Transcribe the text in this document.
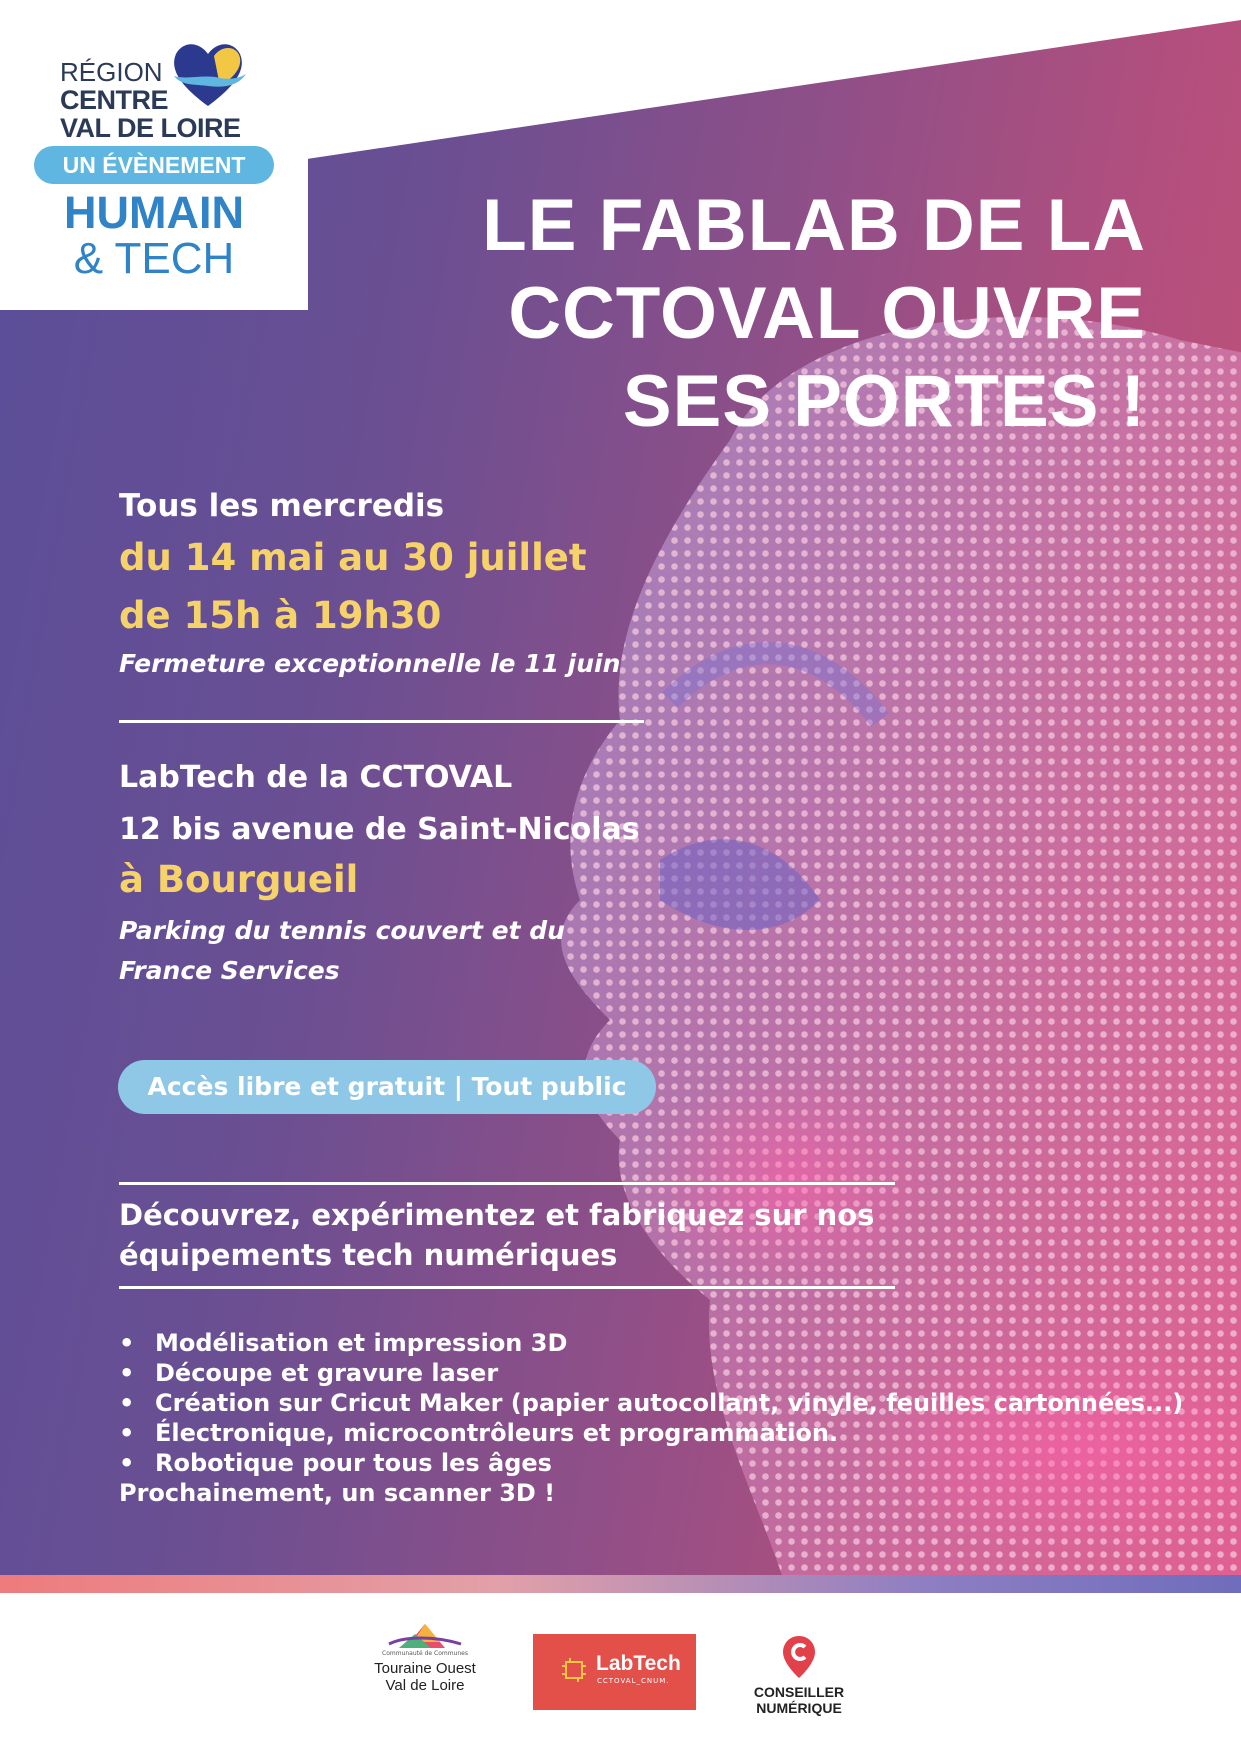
RÉGION
CENTRE
VAL DE LOIRE
UN ÉVÈNEMENT
HUMAIN
& TECH	LE FABLAB DE LA
CCTOVAL OUVRE
SES PORTES !
Tous les mercredis
du 14 mai au 30 juillet
de 15h à 19h30
Fermeture exceptionnelle le 11 juin
LabTech de la CCTOVAL
12 bis avenue de Saint-Nicolas
à Bourgueil
Parking du tennis couvert et du
France Services
Accès libre et gratuit | Tout public
Découvrez, expérimentez et fabriquez sur nos
équipements tech numériques
• Modélisation et impression 3D
• Découpe et gravure laser
• Création sur Cricut Maker (papier autocollant, vinyle, feuilles cartonnées...)
• Électronique, microcontrôleurs et programmation.
• Robotique pour tous les âges
Prochainement, un scanner 3D !
Communauté de Communes
Touraine Ouest
Val de Loire
LabTech
CCTOVAL_CNUM.
CONSEILLER
NUMÉRIQUE
